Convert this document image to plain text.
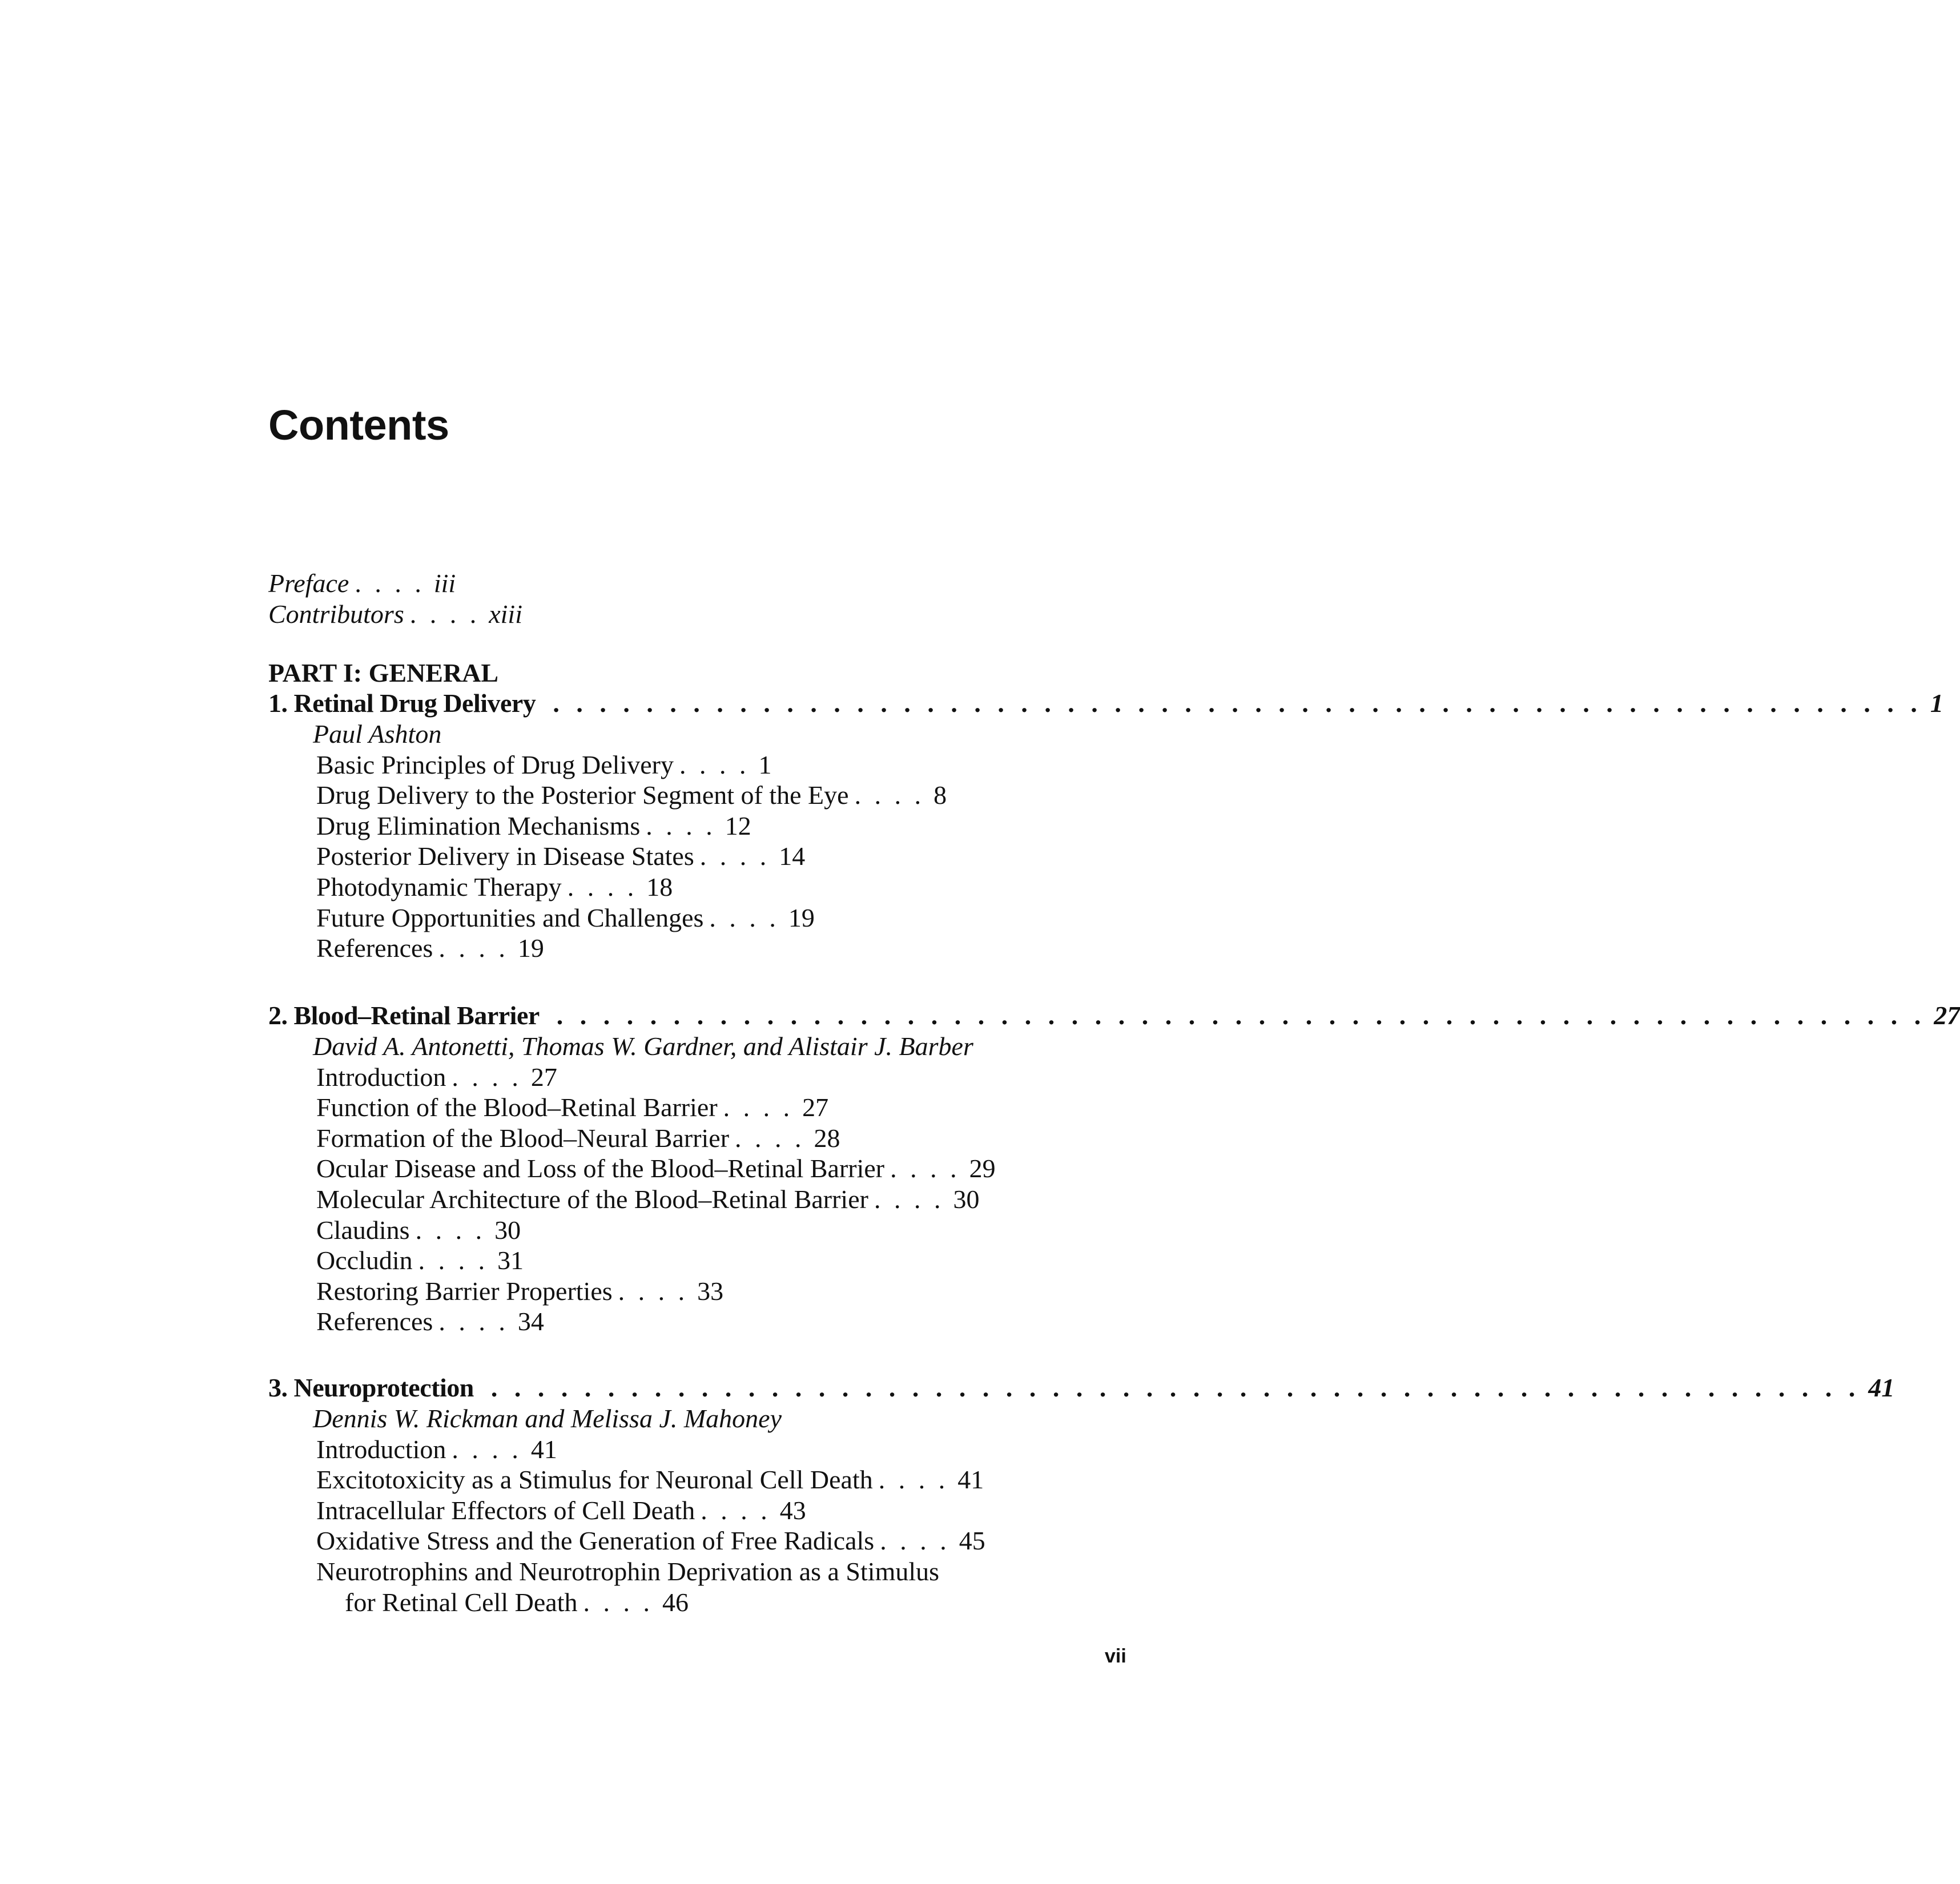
Contents
Preface . . . . iii
Contributors . . . . xiii
PART I: GENERAL
1. Retinal Drug Delivery . . . . . . . . . . . . . . . . . . . . . . . . . . . . . . . . . . . . . . . . . . . . . . . . . . . . . . . . . . . 1
Paul Ashton
Basic Principles of Drug Delivery . . . . 1
Drug Delivery to the Posterior Segment of the Eye . . . . 8
Drug Elimination Mechanisms . . . . 12
Posterior Delivery in Disease States . . . . 14
Photodynamic Therapy . . . . 18
Future Opportunities and Challenges . . . . 19
References . . . . 19
2. Blood–Retinal Barrier . . . . . . . . . . . . . . . . . . . . . . . . . . . . . . . . . . . . . . . . . . . . . . . . . . . . . . . . . . . 27
David A. Antonetti, Thomas W. Gardner, and Alistair J. Barber
Introduction . . . . 27
Function of the Blood–Retinal Barrier . . . . 27
Formation of the Blood–Neural Barrier . . . . 28
Ocular Disease and Loss of the Blood–Retinal Barrier . . . . 29
Molecular Architecture of the Blood–Retinal Barrier . . . . 30
Claudins . . . . 30
Occludin . . . . 31
Restoring Barrier Properties . . . . 33
References . . . . 34
3. Neuroprotection . . . . . . . . . . . . . . . . . . . . . . . . . . . . . . . . . . . . . . . . . . . . . . . . . . . . . . . . . . . 41
Dennis W. Rickman and Melissa J. Mahoney
Introduction . . . . 41
Excitotoxicity as a Stimulus for Neuronal Cell Death . . . . 41
Intracellular Effectors of Cell Death . . . . 43
Oxidative Stress and the Generation of Free Radicals . . . . 45
Neurotrophins and Neurotrophin Deprivation as a Stimulus
for Retinal Cell Death . . . . 46
vii
